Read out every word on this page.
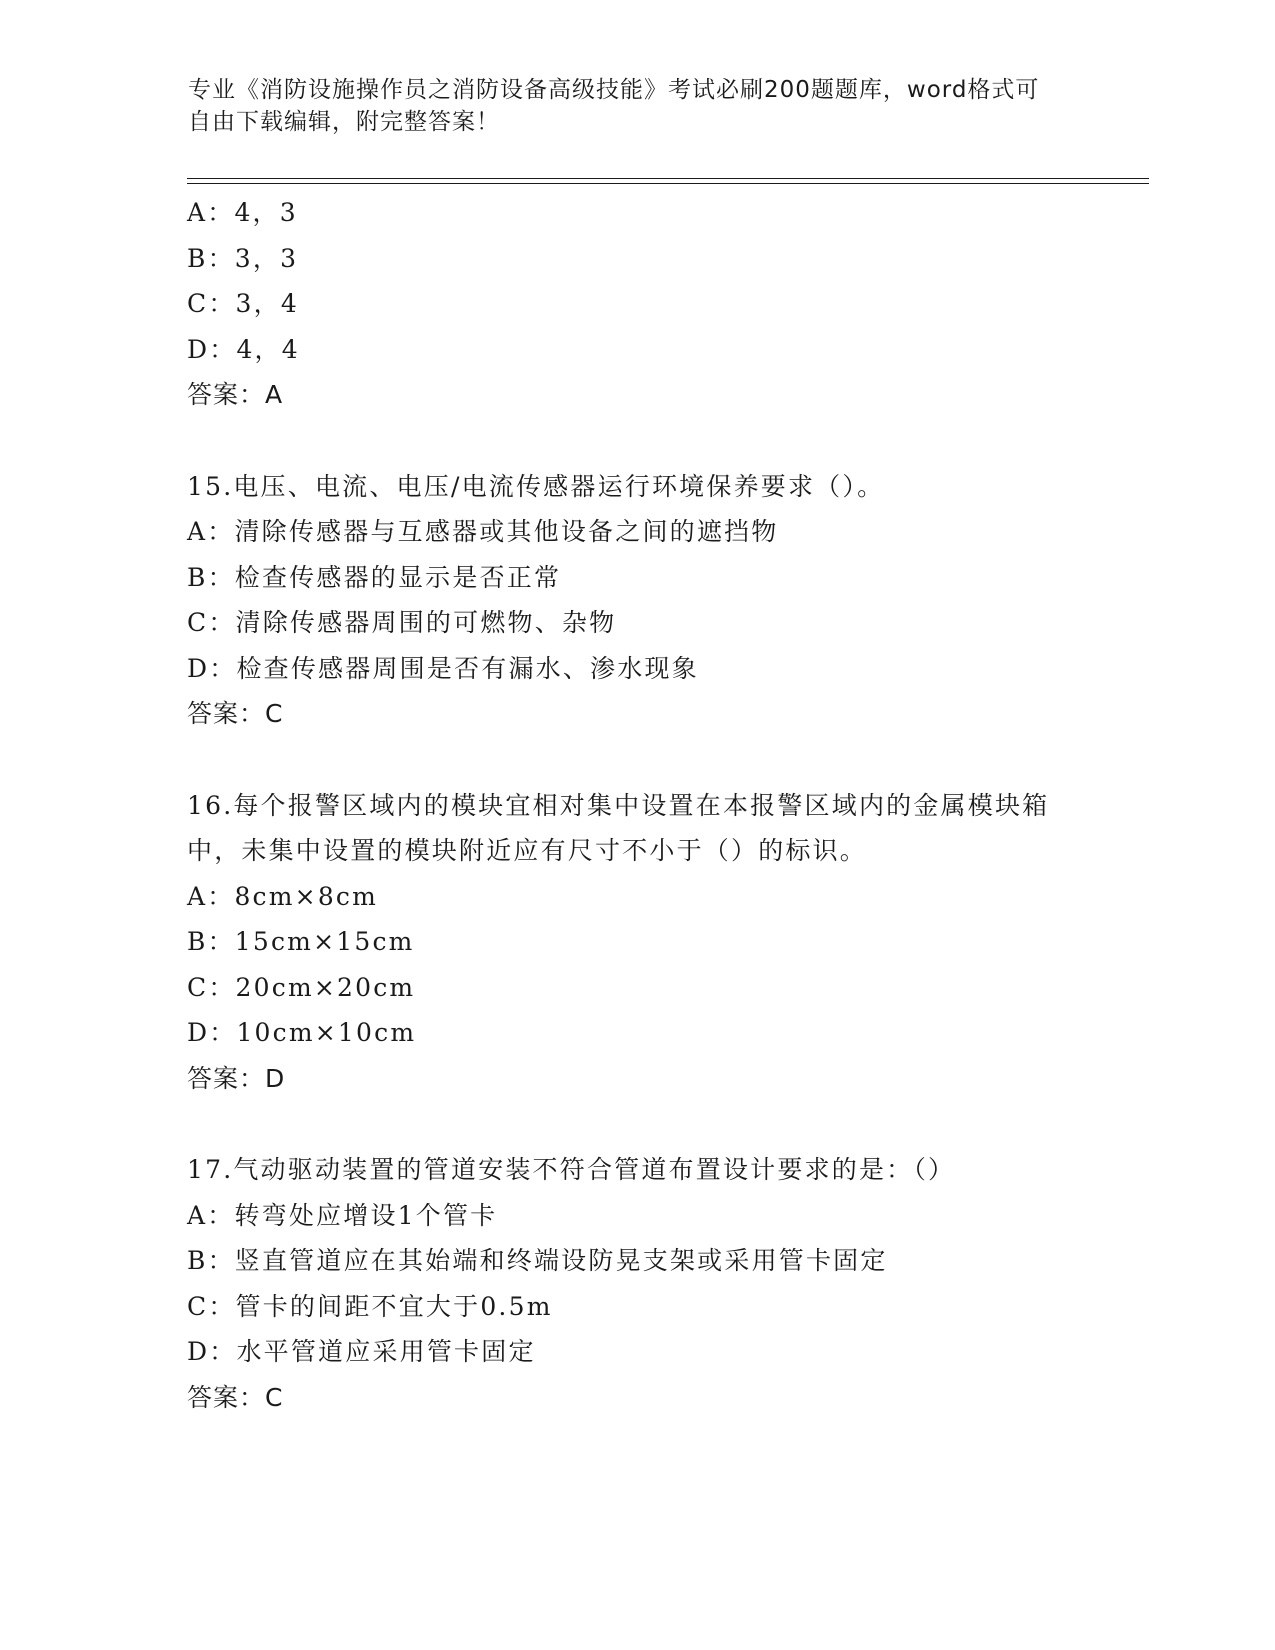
专业《消防设施操作员之消防设备高级技能》考试必刷200题题库，word格式可
自由下载编辑，附完整答案！
A：4，3
B：3，3
C：3，4
D：4，4
答案：A
15.电压、电流、电压/电流传感器运行环境保养要求（）。
A：清除传感器与互感器或其他设备之间的遮挡物
B：检查传感器的显示是否正常
C：清除传感器周围的可燃物、杂物
D：检查传感器周围是否有漏水、渗水现象
答案：C
16.每个报警区域内的模块宜相对集中设置在本报警区域内的金属模块箱中，未集中设置的模块附近应有尺寸不小于（）的标识。
A：8cm×8cm
B：15cm×15cm
C：20cm×20cm
D：10cm×10cm
答案：D
17.气动驱动装置的管道安装不符合管道布置设计要求的是：（）
A：转弯处应增设1个管卡
B：竖直管道应在其始端和终端设防晃支架或采用管卡固定
C：管卡的间距不宜大于0.5m
D：水平管道应采用管卡固定
答案：C
